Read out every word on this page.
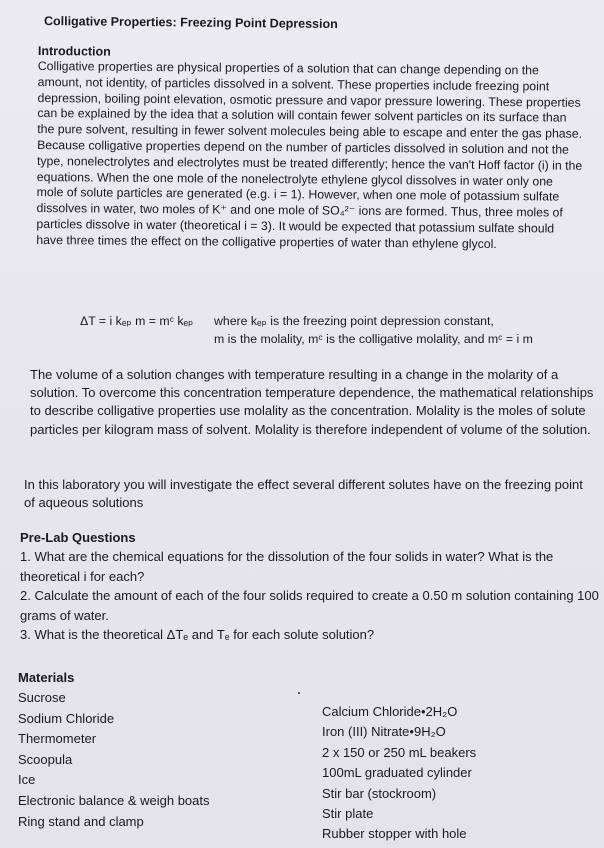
Colligative Properties: Freezing Point Depression
Introduction

Colligative properties are physical properties of a solution that can change depending on the amount, not identity, of particles dissolved in a solvent. These properties include freezing point depression, boiling point elevation, osmotic pressure and vapor pressure lowering. These properties can be explained by the idea that a solution will contain fewer solvent particles on its surface than the pure solvent, resulting in fewer solvent molecules being able to escape and enter the gas phase. Because colligative properties depend on the number of particles dissolved in solution and not the type, nonelectrolytes and electrolytes must be treated differently; hence the van't Hoff factor (i) in the equations. When the one mole of the nonelectrolyte ethylene glycol dissolves in water only one mole of solute particles are generated (e.g. i = 1). However, when one mole of potassium sulfate dissolves in water, two moles of K⁺ and one mole of SO₄²⁻ ions are formed. Thus, three moles of particles dissolve in water (theoretical i = 3). It would be expected that potassium sulfate should have three times the effect on the colligative properties of water than ethylene glycol.

ΔT = i kₑₚ m = mᶜ kₑₚ	where kₑₚ is the freezing point depression constant,
m is the molality, mᶜ is the colligative molality, and mᶜ = i m

The volume of a solution changes with temperature resulting in a change in the molarity of a solution. To overcome this concentration temperature dependence, the mathematical relationships to describe colligative properties use molality as the concentration. Molality is the moles of solute particles per kilogram mass of solvent. Molality is therefore independent of volume of the solution.

In this laboratory you will investigate the effect several different solutes have on the freezing point of aqueous solutions

Pre-Lab Questions
1. What are the chemical equations for the dissolution of the four solids in water? What is the theoretical i for each?
2. Calculate the amount of each of the four solids required to create a 0.50 m solution containing 100 grams of water.
3. What is the theoretical ΔTₑ and Tₑ for each solute solution?
Materials
Sucrose
Sodium Chloride
Thermometer
Scoopula
Ice
Electronic balance & weigh boats
Ring stand and clamp
Calcium Chloride•2H₂O
Iron (III) Nitrate•9H₂O
2 x 150 or 250 mL beakers
100mL graduated cylinder
Stir bar (stockroom)
Stir plate
Rubber stopper with hole
